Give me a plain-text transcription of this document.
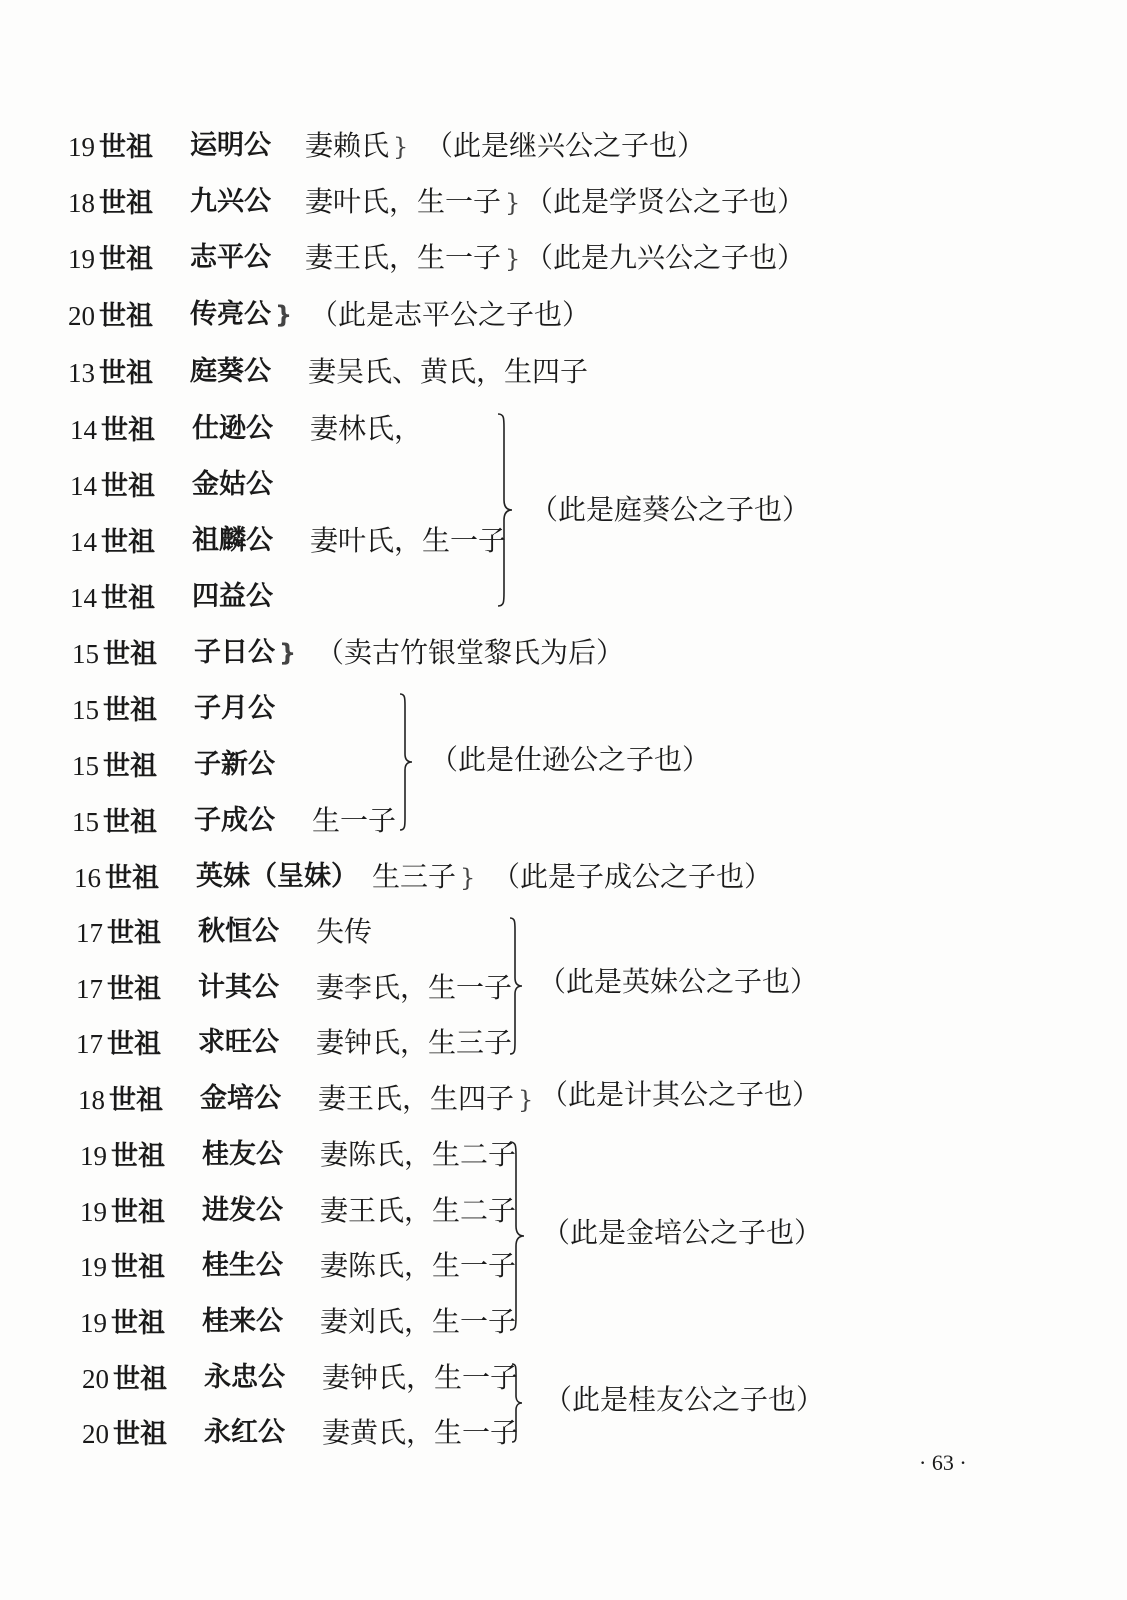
19 世祖 运明公 妻赖氏 } （此是继兴公之子也）
18 世祖 九兴公 妻叶氏，生一子 } （此是学贤公之子也）
19 世祖 志平公 妻王氏，生一子 } （此是九兴公之子也）
20 世祖 传亮公 } （此是志平公之子也）
13 世祖 庭葵公 妻吴氏、黄氏，生四子
14 世祖 仕逊公 妻林氏，
14 世祖 金姑公
14 世祖 祖麟公 妻叶氏，生一子
14 世祖 四益公
（此是庭葵公之子也）
15 世祖 子日公 } （卖古竹银堂黎氏为后）
15 世祖 子月公
15 世祖 子新公
15 世祖 子成公 生一子
（此是仕逊公之子也）
16 世祖 英妹（呈妹） 生三子 } （此是子成公之子也）
17 世祖 秋恒公 失传
17 世祖 计其公 妻李氏，生一子
17 世祖 求旺公 妻钟氏，生三子
（此是英妹公之子也）
18 世祖 金培公 妻王氏，生四子 } （此是计其公之子也）
19 世祖 桂友公 妻陈氏，生二子
19 世祖 进发公 妻王氏，生二子
19 世祖 桂生公 妻陈氏，生一子
19 世祖 桂来公 妻刘氏，生一子
（此是金培公之子也）
20 世祖 永忠公 妻钟氏，生一子
20 世祖 永红公 妻黄氏，生一子
（此是桂友公之子也）
· 63 ·
